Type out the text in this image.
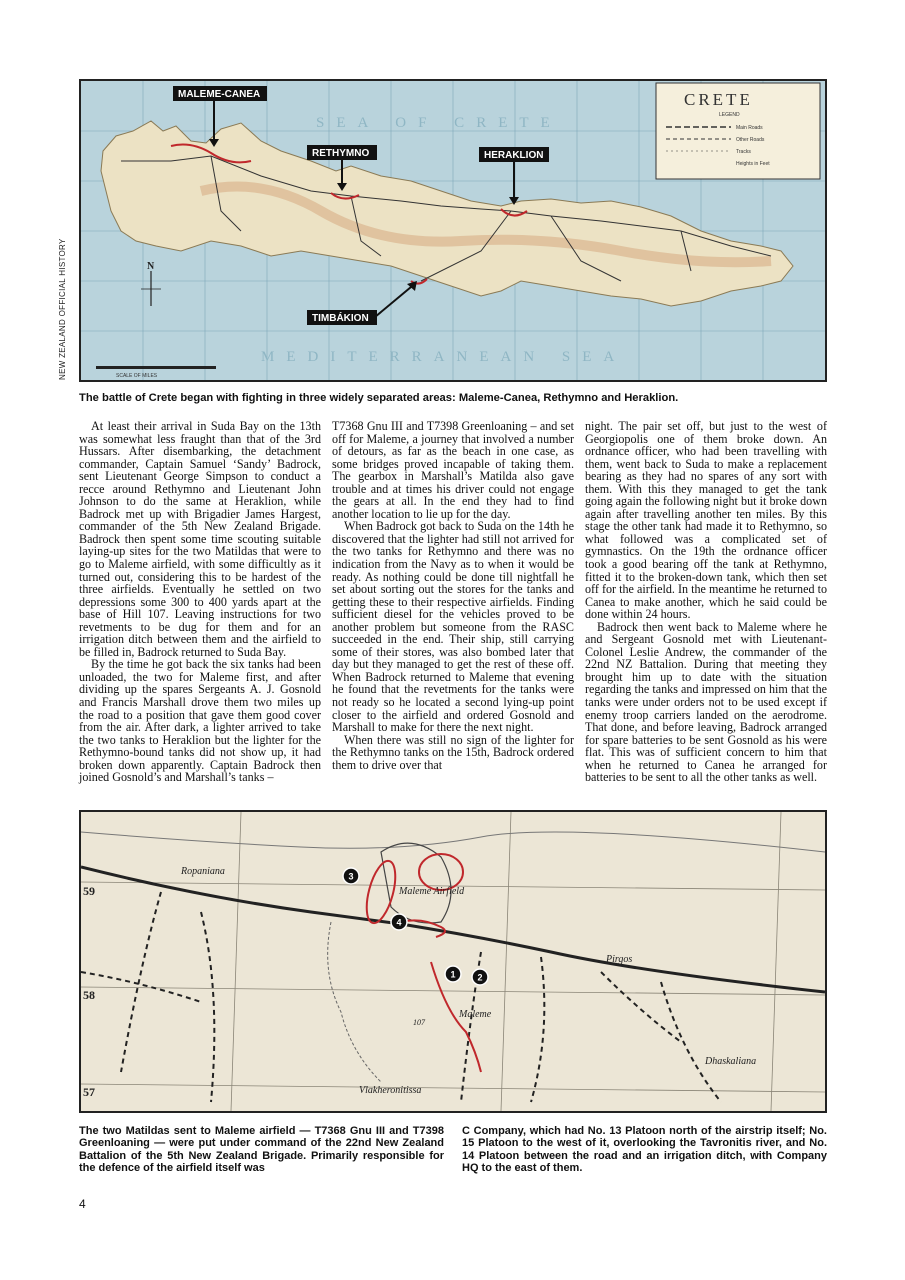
NEW ZEALAND OFFICIAL HISTORY
SEA OF CRETE
MEDITERRANEAN SEA
CRETE
LEGEND
Main Roads
Other Roads
Tracks
Heights in Feet
N
SCALE OF MILES
MALEME-CANEA
RETHYMNO	HERAKLION
TIMBÁKION
The battle of Crete began with fighting in three widely separated areas: Maleme-Canea, Rethymno and Heraklion.

At least their arrival in Suda Bay on the 13th was somewhat less fraught than that of the 3rd Hussars. After disembarking, the detachment commander, Captain Samuel ‘Sandy’ Badrock, sent Lieutenant George Simpson to conduct a recce around Rethymno and Lieutenant John Johnson to do the same at Heraklion, while Badrock met up with Brigadier James Hargest, commander of the 5th New Zealand Brigade. Badrock then spent some time scouting suitable laying-up sites for the two Matildas that were to go to Maleme airfield, with some difficultly as it turned out, considering this to be hardest of the three airfields. Eventually he settled on two depressions some 300 to 400 yards apart at the base of Hill 107. Leaving instructions for two revetments to be dug for them and for an irrigation ditch between them and the airfield to be filled in, Badrock returned to Suda Bay.

By the time he got back the six tanks had been unloaded, the two for Maleme first, and after dividing up the spares Sergeants A. J. Gosnold and Francis Marshall drove them two miles up the road to a position that gave them good cover from the air. After dark, a lighter arrived to take the two tanks to Heraklion but the lighter for the Rethymno-bound tanks did not show up, it had broken down apparently. Captain Badrock then joined Gosnold’s and Marshall’s tanks –

T7368 Gnu III and T7398 Greenloaning – and set off for Maleme, a journey that involved a number of detours, as far as the beach in one case, as some bridges proved incapable of taking them. The gearbox in Marshall’s Matilda also gave trouble and at times his driver could not engage the gears at all. In the end they had to find another location to lie up for the day.

When Badrock got back to Suda on the 14th he discovered that the lighter had still not arrived for the two tanks for Rethymno and there was no indication from the Navy as to when it would be ready. As nothing could be done till nightfall he set about sorting out the stores for the tanks and getting these to their respective airfields. Finding sufficient diesel for the vehicles proved to be another problem but someone from the RASC succeeded in the end. Their ship, still carrying some of their stores, was also bombed later that day but they managed to get the rest of these off. When Badrock returned to Maleme that evening he found that the revetments for the tanks were not ready so he located a second lying-up point closer to the airfield and ordered Gosnold and Marshall to make for there the next night.

When there was still no sign of the lighter for the Rethymno tanks on the 15th, Badrock ordered them to drive over that

night. The pair set off, but just to the west of Georgiopolis one of them broke down. An ordnance officer, who had been travelling with them, went back to Suda to make a replacement bearing as they had no spares of any sort with them. With this they managed to get the tank going again the following night but it broke down again after travelling another ten miles. By this stage the other tank had made it to Rethymno, so what followed was a complicated set of gymnastics. On the 19th the ordnance officer took a good bearing off the tank at Rethymno, fitted it to the broken-down tank, which then set off for the airfield. In the meantime he returned to Canea to make another, which he said could be done within 24 hours.

Badrock then went back to Maleme where he and Sergeant Gosnold met with Lieutenant-Colonel Leslie Andrew, the commander of the 22nd NZ Battalion. During that meeting they brought him up to date with the situation regarding the tanks and impressed on him that the tanks were under orders not to be used except if enemy troop carriers landed on the aerodrome. That done, and before leaving, Badrock arranged for spare batteries to be sent Gosnold as his were flat. This was of sufficient concern to him that when he returned to Canea he arranged for batteries to be sent to all the other tanks as well.

Ropaniana
Maleme Airfield
Pirgos
Maleme
Vlakheronitissa
Dhaskaliana
107
59
58
57
1 2
3
4
The two Matildas sent to Maleme airfield — T7368 Gnu III and T7398 Greenloaning — were put under command of the 22nd New Zealand Battalion of the 5th New Zealand Brigade. Primarily responsible for the defence of the airfield itself was
C Company, which had No. 13 Platoon north of the airstrip itself; No. 15 Platoon to the west of it, overlooking the Tavronitis river, and No. 14 Platoon between the road and an irrigation ditch, with Company HQ to the east of them.
4
